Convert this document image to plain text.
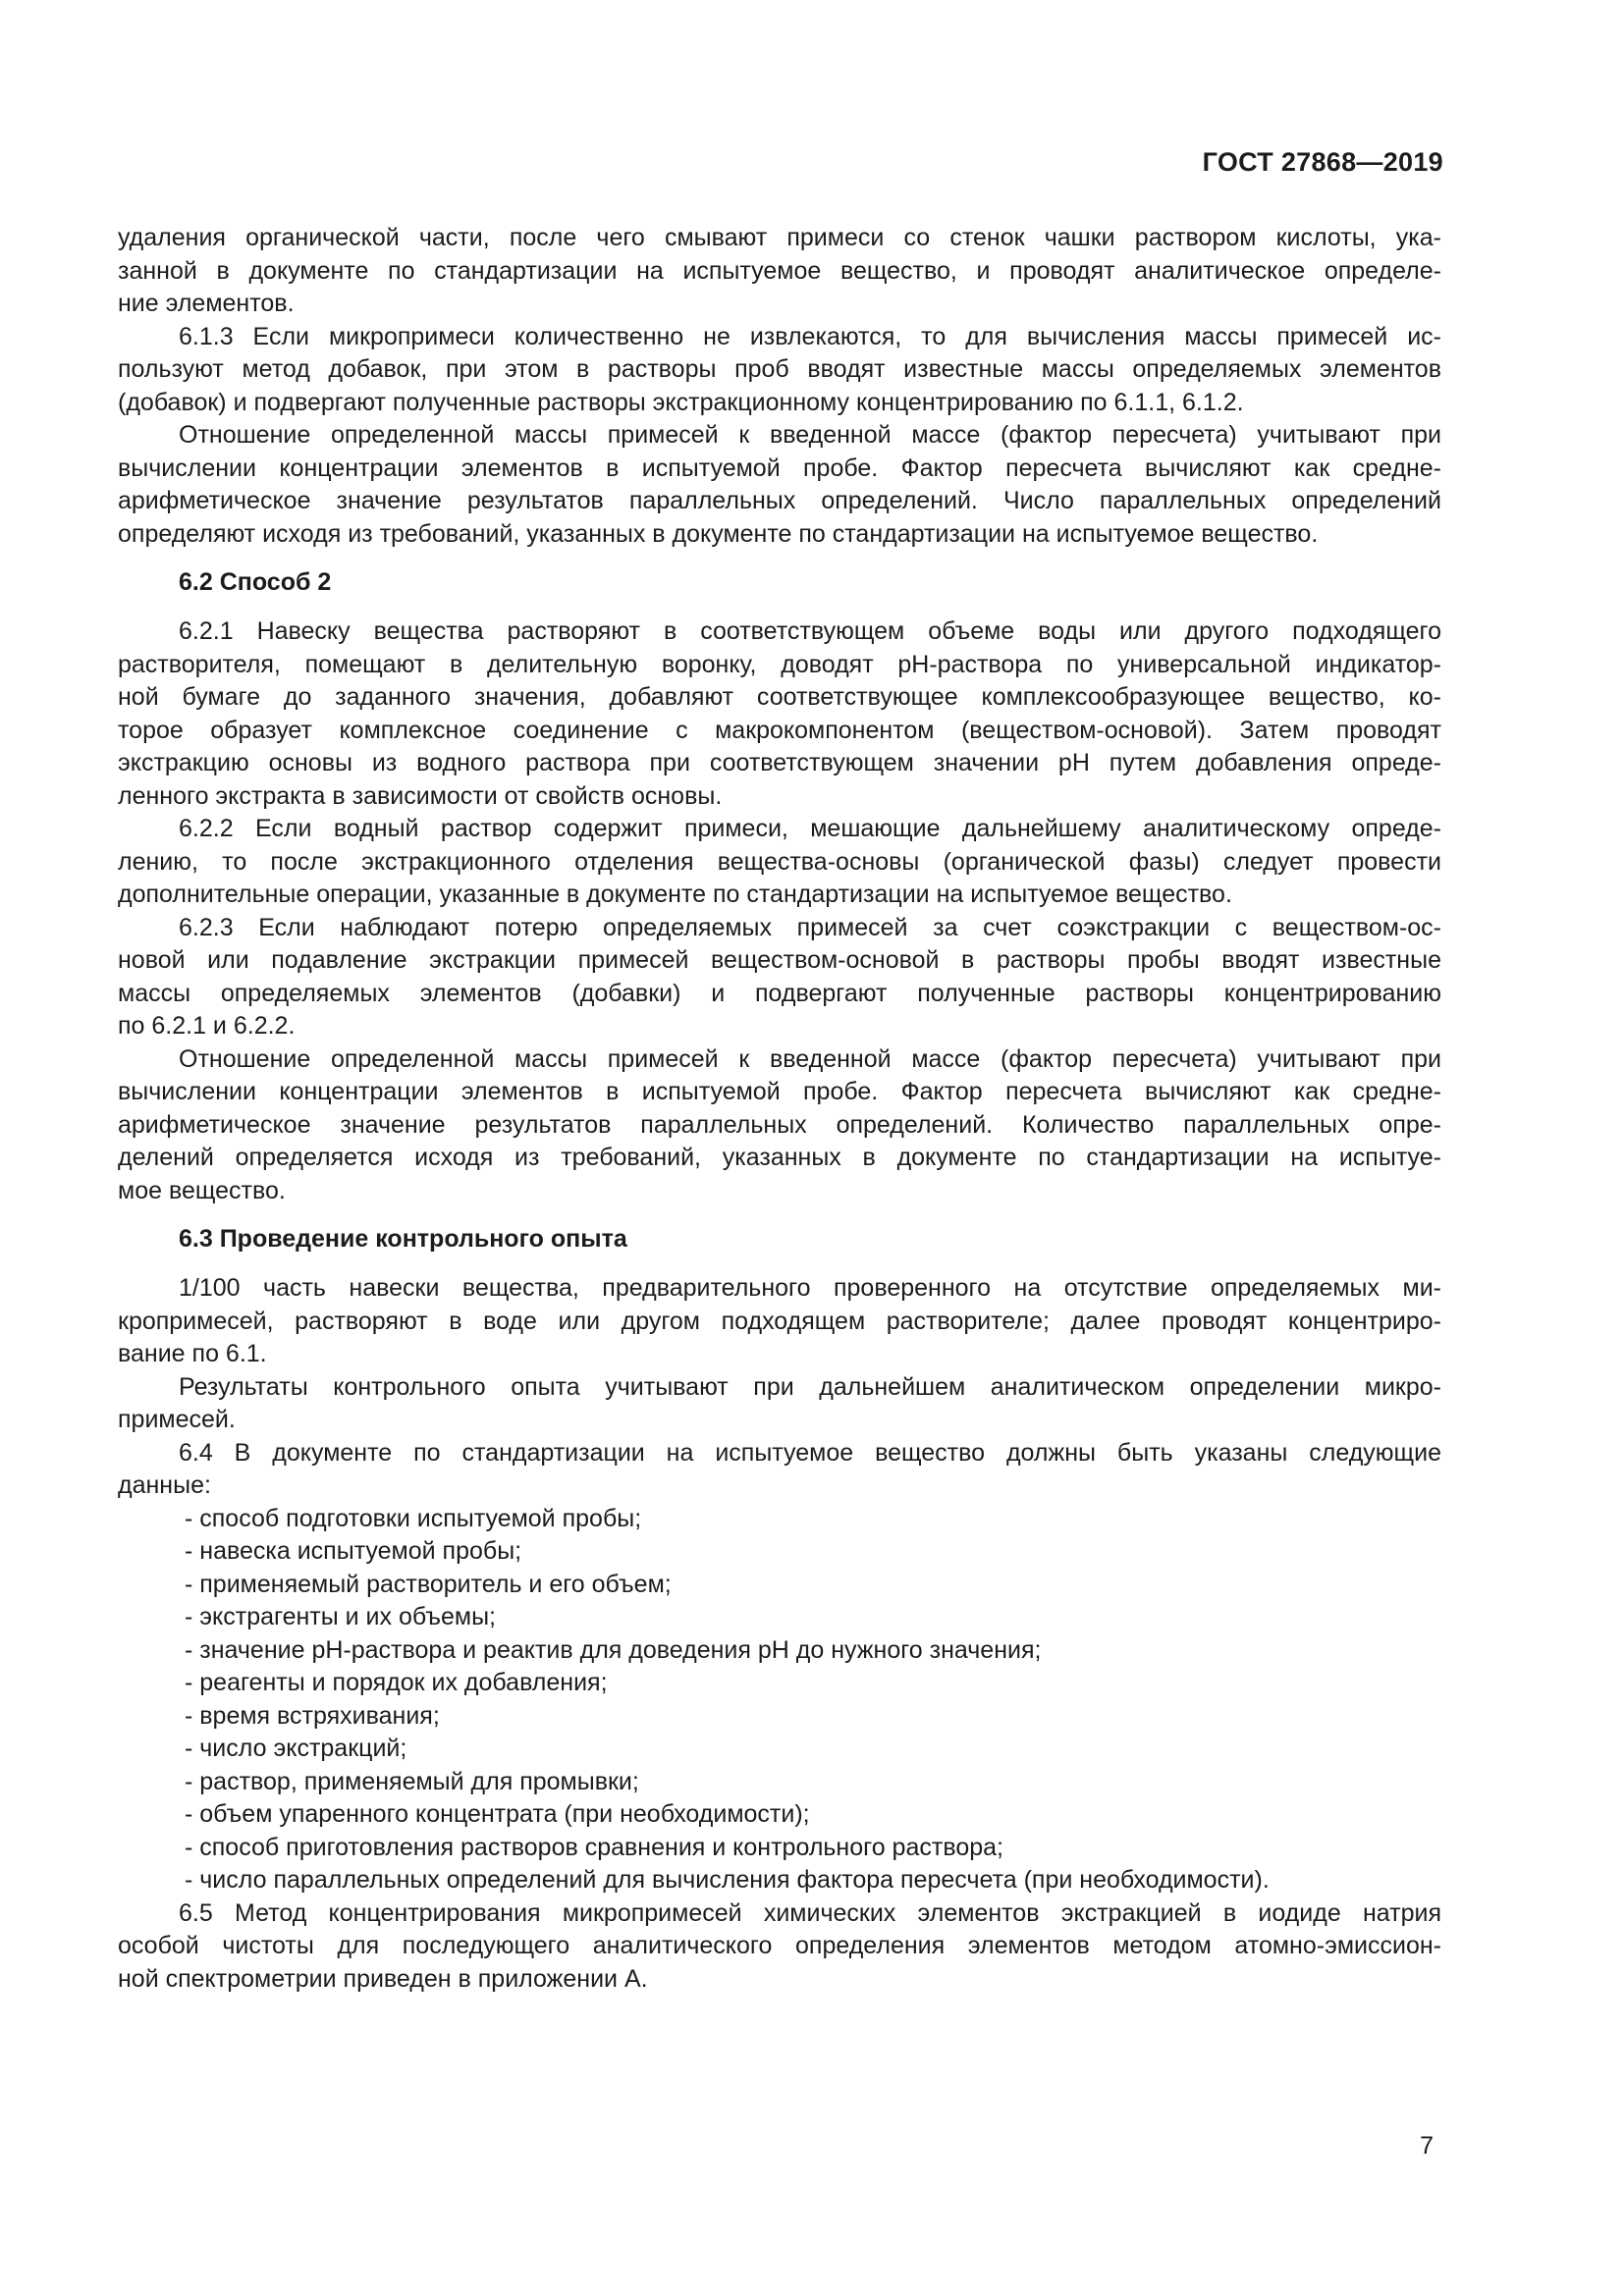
ГОСТ 27868—2019
удаления органической части, после чего смывают примеси со стенок чашки раствором кислоты, ука-
занной в документе по стандартизации на испытуемое вещество, и проводят аналитическое определе-
ние элементов.
6.1.3 Если микропримеси количественно не извлекаются, то для вычисления массы примесей ис-
пользуют метод добавок, при этом в растворы проб вводят известные массы определяемых элементов
(добавок) и подвергают полученные растворы экстракционному концентрированию по 6.1.1, 6.1.2.
Отношение определенной массы примесей к введенной массе (фактор пересчета) учитывают при
вычислении концентрации элементов в испытуемой пробе. Фактор пересчета вычисляют как средне-
арифметическое значение результатов параллельных определений. Число параллельных определений
определяют исходя из требований, указанных в документе по стандартизации на испытуемое вещество.
6.2 Способ 2
6.2.1 Навеску вещества растворяют в соответствующем объеме воды или другого подходящего
растворителя, помещают в делительную воронку, доводят рН-раствора по универсальной индикатор-
ной бумаге до заданного значения, добавляют соответствующее комплексообразующее вещество, ко-
торое образует комплексное соединение с макрокомпонентом (веществом-основой). Затем проводят
экстракцию основы из водного раствора при соответствующем значении рН путем добавления опреде-
ленного экстракта в зависимости от свойств основы.
6.2.2 Если водный раствор содержит примеси, мешающие дальнейшему аналитическому опреде-
лению, то после экстракционного отделения вещества-основы (органической фазы) следует провести
дополнительные операции, указанные в документе по стандартизации на испытуемое вещество.
6.2.3 Если наблюдают потерю определяемых примесей за счет соэкстракции с веществом-ос-
новой или подавление экстракции примесей веществом-основой в растворы пробы вводят известные
массы определяемых элементов (добавки) и подвергают полученные растворы концентрированию
по 6.2.1 и 6.2.2.
Отношение определенной массы примесей к введенной массе (фактор пересчета) учитывают при
вычислении концентрации элементов в испытуемой пробе. Фактор пересчета вычисляют как средне-
арифметическое значение результатов параллельных определений. Количество параллельных опре-
делений определяется исходя из требований, указанных в документе по стандартизации на испытуе-
мое вещество.
6.3 Проведение контрольного опыта
1/100 часть навески вещества, предварительного проверенного на отсутствие определяемых ми-
кропримесей, растворяют в воде или другом подходящем растворителе; далее проводят концентриро-
вание по 6.1.
Результаты контрольного опыта учитывают при дальнейшем аналитическом определении микро-
примесей.
6.4 В документе по стандартизации на испытуемое вещество должны быть указаны следующие
данные:
- способ подготовки испытуемой пробы;
- навеска испытуемой пробы;
- применяемый растворитель и его объем;
- экстрагенты и их объемы;
- значение рН-раствора и реактив для доведения рН до нужного значения;
- реагенты и порядок их добавления;
- время встряхивания;
- число экстракций;
- раствор, применяемый для промывки;
- объем упаренного концентрата (при необходимости);
- способ приготовления растворов сравнения и контрольного раствора;
- число параллельных определений для вычисления фактора пересчета (при необходимости).
6.5 Метод концентрирования микропримесей химических элементов экстракцией в иодиде натрия
особой чистоты для последующего аналитического определения элементов методом атомно-эмиссион-
ной спектрометрии приведен в приложении А.
7
